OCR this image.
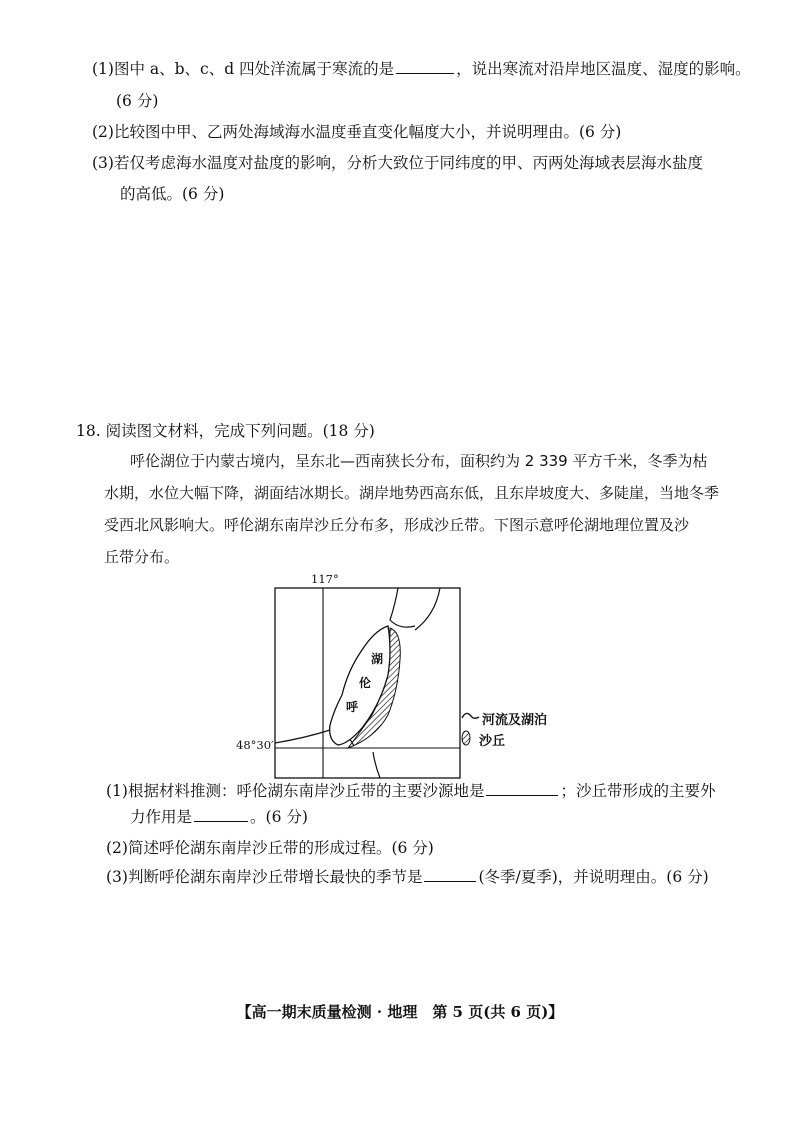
(1)图中 a、b、c、d 四处洋流属于寒流的是	，说出寒流对沿岸地区温度、湿度的影响。
(6 分)
(2)比较图中甲、乙两处海域海水温度垂直变化幅度大小，并说明理由。(6 分)
(3)若仅考虑海水温度对盐度的影响，分析大致位于同纬度的甲、丙两处海域表层海水盐度
的高低。(6 分)
18. 阅读图文材料，完成下列问题。(18 分)
呼伦湖位于内蒙古境内，呈东北—西南狭长分布，面积约为 2 339 平方千米，冬季为枯
水期，水位大幅下降，湖面结冰期长。湖岸地势西高东低，且东岸坡度大、多陡崖，当地冬季
受西北风影响大。呼伦湖东南岸沙丘分布多，形成沙丘带。下图示意呼伦湖地理位置及沙
丘带分布。
117°
48°30′
湖
伦
呼
河流及湖泊
沙丘
(1)根据材料推测：呼伦湖东南岸沙丘带的主要沙源地是	；沙丘带形成的主要外
力作用是	。(6 分)
(2)简述呼伦湖东南岸沙丘带的形成过程。(6 分)
(3)判断呼伦湖东南岸沙丘带增长最快的季节是	(冬季/夏季)，并说明理由。(6 分)
【高一期末质量检测 · 地理　第 5 页(共 6 页)】
